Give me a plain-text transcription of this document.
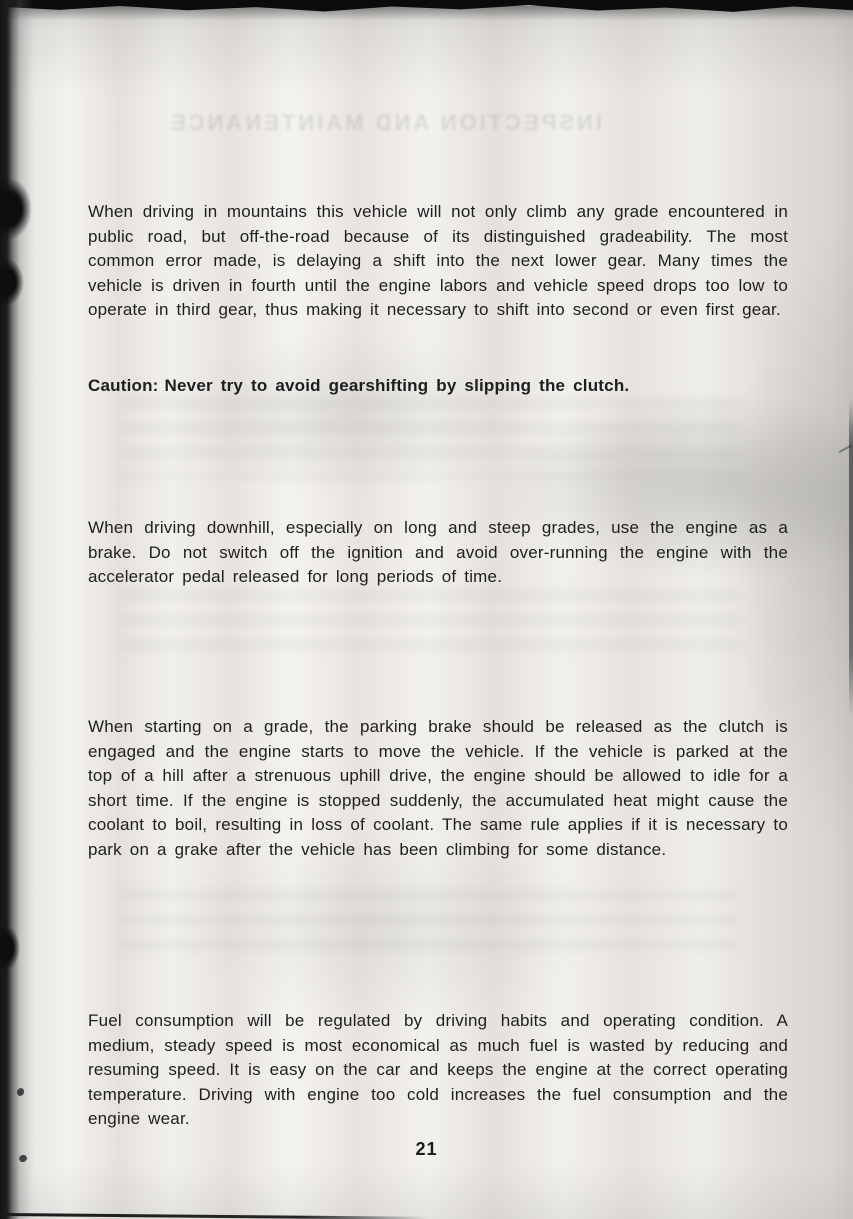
INSPECTION AND MAINTENANCE

When driving in mountains this vehicle will not only climb any grade encountered in public road, but off-the-road because of its distinguished gradeability. The most common error made, is delaying a shift into the next lower gear. Many times the vehicle is driven in fourth until the engine labors and vehicle speed drops too low to operate in third gear, thus making it necessary to shift into second or even first gear.

Caution: Never try to avoid gearshifting by slipping the clutch.

When driving downhill, especially on long and steep grades, use the engine as a brake. Do not switch off the ignition and avoid over-running the engine with the accelerator pedal released for long periods of time.

When starting on a grade, the parking brake should be released as the clutch is engaged and the engine starts to move the vehicle. If the vehicle is parked at the top of a hill after a strenuous uphill drive, the engine should be allowed to idle for a short time. If the engine is stopped suddenly, the accumulated heat might cause the coolant to boil, resulting in loss of coolant. The same rule applies if it is necessary to park on a grake after the vehicle has been climbing for some distance.

Fuel consumption will be regulated by driving habits and operating condition. A medium, steady speed is most economical as much fuel is wasted by reducing and resuming speed. It is easy on the car and keeps the engine at the correct operating temperature. Driving with engine too cold increases the fuel consumption and the engine wear.

21
